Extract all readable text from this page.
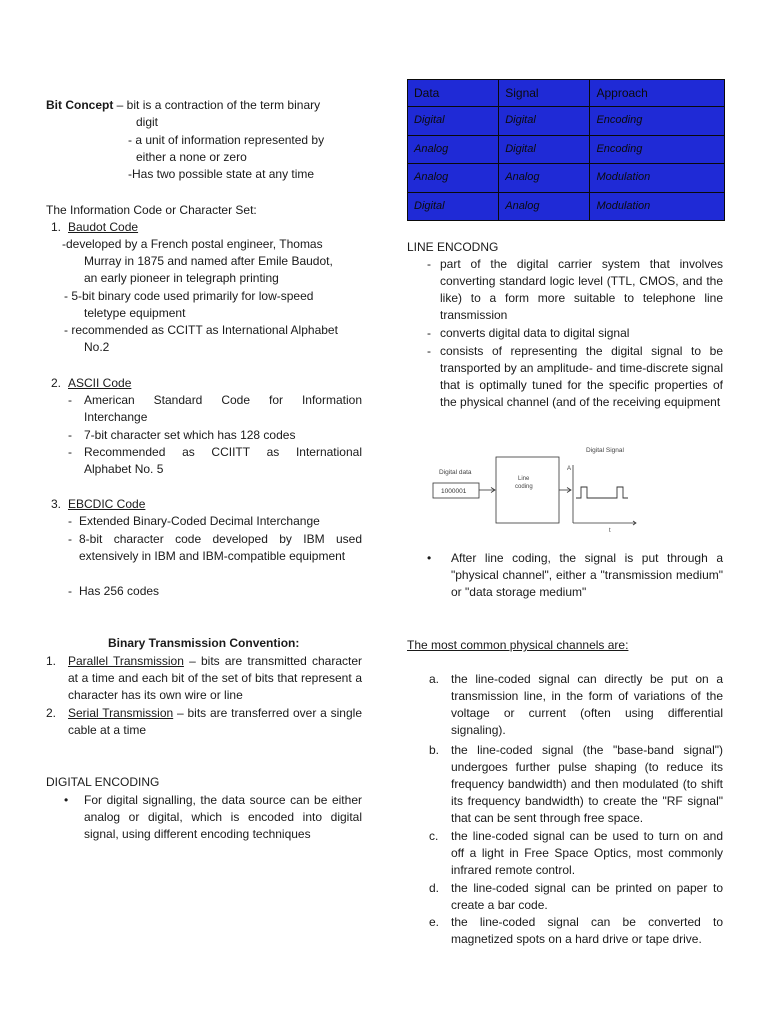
Bit Concept – bit is a contraction of the term binary
digit
- a unit of information represented by
either a none or zero
-Has two possible state at any time
The Information Code or Character Set:
1. Baudot Code
-developed by a French postal engineer, Thomas
Murray in 1875 and named after Emile Baudot,
an early pioneer in telegraph printing
- 5-bit binary code used primarily for low-speed
teletype equipment
- recommended as CCITT as International Alphabet
No.2
2. ASCII Code
- American Standard Code for Information
Interchange
- 7-bit character set which has 128 codes
- Recommended as CCIITT as International
Alphabet No. 5
3. EBCDIC Code
- Extended Binary-Coded Decimal Interchange
- 8-bit character code developed by IBM used extensively in IBM and IBM-compatible equipment
- Has 256 codes
Binary Transmission Convention:
1. Parallel Transmission – bits are transmitted character at a time and each bit of the set of bits that represent a character has its own wire or line
2. Serial Transmission – bits are transferred over a single cable at a time
DIGITAL ENCODING
• For digital signalling, the data source can be either analog or digital, which is encoded into digital signal, using different encoding techniques
Data	Signal	Approach
Digital	Digital	Encoding
Analog	Digital	Encoding
Analog	Analog	Modulation
Digital	Analog	Modulation
LINE ENCODNG
- part of the digital carrier system that involves converting standard logic level (TTL, CMOS, and the like) to a form more suitable to telephone line transmission
- converts digital data to digital signal
- consists of representing the digital signal to be transported by an amplitude- and time-discrete signal that is optimally tuned for the specific properties of the physical channel (and of the receiving equipment
• After line coding, the signal is put through a "physical channel", either a "transmission medium" or "data storage medium"
The most common physical channels are:
a. the line-coded signal can directly be put on a transmission line, in the form of variations of the voltage or current (often using differential signaling).
b. the line-coded signal (the "base-band signal") undergoes further pulse shaping (to reduce its frequency bandwidth) and then modulated (to shift its frequency bandwidth) to create the "RF signal" that can be sent through free space.
c. the line-coded signal can be used to turn on and off a light in Free Space Optics, most commonly infrared remote control.
d. the line-coded signal can be printed on paper to create a bar code.
e. the line-coded signal can be converted to magnetized spots on a hard drive or tape drive.
Digital data
1000001
Line
coding
Digital Signal
A
t
